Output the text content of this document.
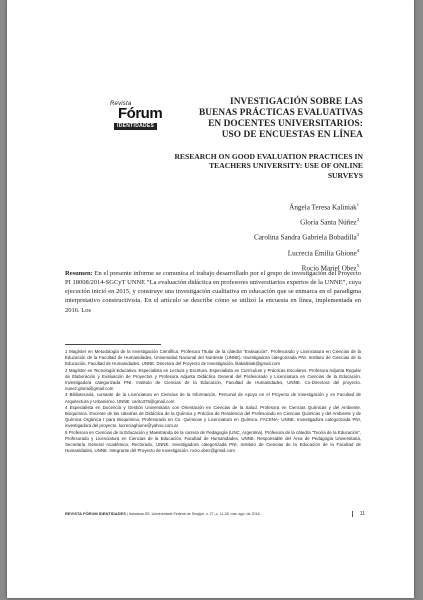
Revista
Fórum
IDENTIDADES
INVESTIGACIÓN SOBRE LAS BUENAS PRÁCTICAS EVALUATIVAS EN DOCENTES UNIVERSITARIOS: USO DE ENCUESTAS EN LÍNEA
RESEARCH ON GOOD EVALUATION PRACTICES IN TEACHERS UNIVERSITY: USE OF ONLINE SURVEYS
Ángela Teresa Kaliniak$^1$
Gloria Santa Núñez$^2$
Carolina Sandra Gabriela Bobadilla$^3$
Lucrecia Emilia Ghione$^4$
Rocío Mariel Obez$^5$

Resumen: En el presente informe se comunica el trabajo desarrollado por el grupo de investigación del Proyecto PI 18008/2014-SGCyT UNNE “La evaluación didáctica en profesores universitarios expertos de la UNNE”, cuya ejecución inició en 2015, y construye una investigación cualitativa en educación que se enmarca en el paradigma interpretativo constructivista. En el artículo se describe cómo se utilizó la encuesta en línea, implementada en 2016. Los

1 Magíster en Metodología de la Investigación Científica. Profesora Titular de la cátedra “Evaluación”, Profesorado y Licenciatura en Ciencias de la Educación de la Facultad de Humanidades, Universidad Nacional del Nordeste (UNNE). Investigadora categorizada PNI. Instituto de Ciencias de la Educación, Facultad de Humanidades, UNNE. Directora del Proyecto de Investigación. litakaliniak@gmail.com
2 Magíster en Tecnología Educativa. Especialista en Lectura y Escritura. Especialista en Currículum y Prácticas Escolares. Profesora Adjunta Regular de Elaboración y Evaluación de Proyectos y Profesora Adjunta Didáctica General del Profesorado y Licenciatura en Ciencias de la Educación. Investigadora categorizada PNI. Instituto de Ciencias de la Educación, Facultad de Humanidades, UNNE. Co-Directora del proyecto. nunez.gloria@gmail.com
3 Bibliotecaria, cursante de la Licenciatura en Ciencias de la Información, Personal de Apoyo en el Proyecto de Investigación y en Facultad de Arquitectura y Urbanismo, UNNE. carito376@gmail.com
4 Especialista en Docencia y Gestión Universitaria con Orientación en Ciencias de la Salud. Profesora en Ciencias Químicas y del Ambiente. Bioquímica. Docente de las cátedras de Didáctica de la Química y Práctica de Residencia del Profesorado en Ciencias Químicas y del Ambiente y de Química Orgánica I para Bioquímica, Profesorado en Cs. Químicas y Licenciatura en Química. FACENA- UNNE. Investigadora categorizada PNI, investigadora del proyecto. lucreciaghione@yahoo.com.ar
5 Profesora en Ciencias de la Educación y Maestranda de la carrera de Pedagogía (UNC, Argentina). Profesora de la cátedra “Teoría de la Educación”, Profesorado y Licenciatura en Ciencias de la Educación, Facultad de Humanidades, UNNE. Responsable del Área de Pedagogía Universitaria, Secretaría General Académica, Rectorado, UNNE. Investigadora categorizada PNI. Instituto de Ciencias de la Educación de la Facultad de Humanidades, UNNE. Integrante del Proyecto de Investigación. rocio.obez@gmail.com
REVISTA FÓRUM IDENTIDADES | Itabaiana-SE, Universidade Federal de Sergipe, v. 27, p. 11-28, mai.-ago. de 2018.	11
